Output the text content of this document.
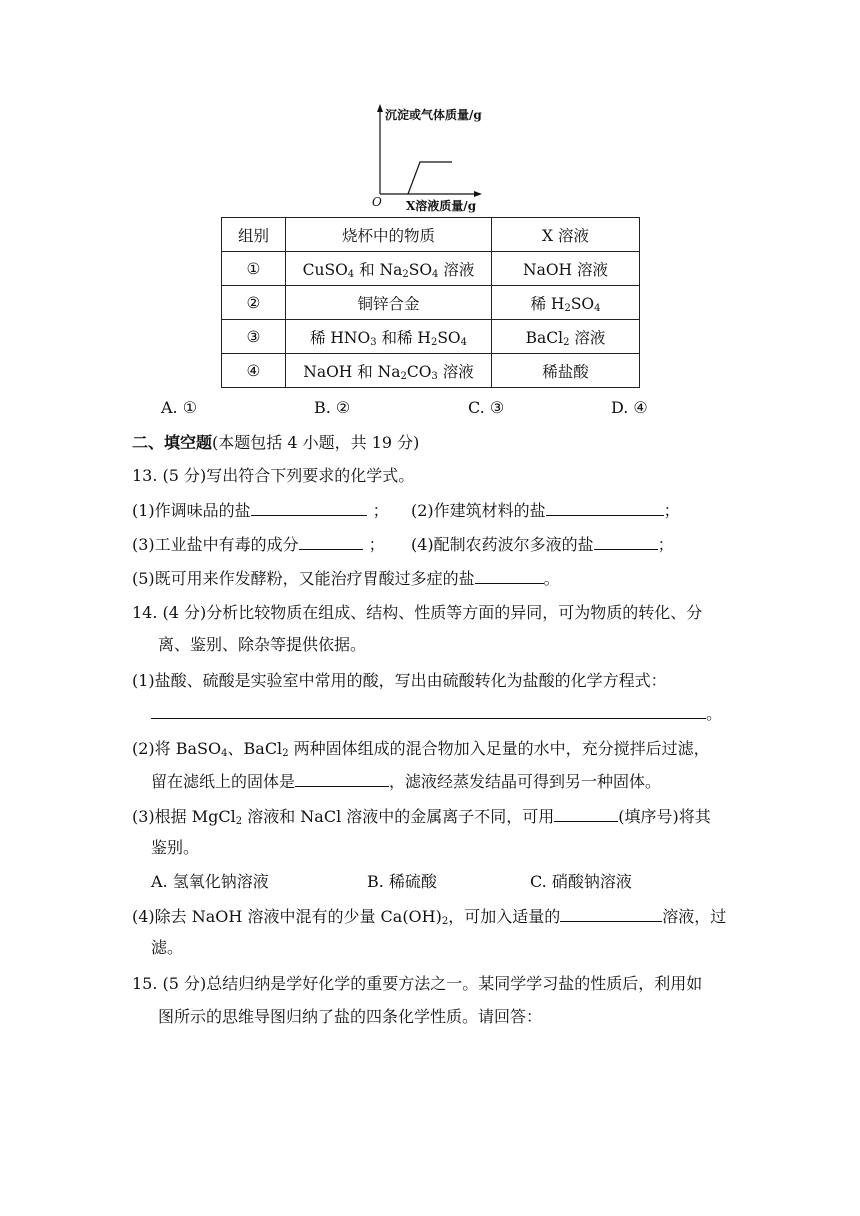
沉淀或气体质量/g
O X溶液质量/g
组别	烧杯中的物质	X 溶液
①	CuSO$_4$ 和 $Na_2SO_4$ 溶液	NaOH 溶液
②	铜锌合金	稀 $H_2SO_4$
③	稀 $HNO_3$ 和稀 $H_2SO_4$	BaCl$_2$ 溶液
④	NaOH 和 $Na_2CO_3$ 溶液	稀盐酸
A. ①	B. ②	C. ③	D. ④
二、填空题(本题包括 4 小题，共 19 分)
13. (5 分)写出符合下列要求的化学式。
(1)作调味品的盐	； (2)作建筑材料的盐	；
(3)工业盐中有毒的成分	； (4)配制农药波尔多液的盐	；
(5)既可用来作发酵粉，又能治疗胃酸过多症的盐	。
14. (4 分)分析比较物质在组成、结构、性质等方面的异同，可为物质的转化、分
离、鉴别、除杂等提供依据。
(1)盐酸、硫酸是实验室中常用的酸，写出由硫酸转化为盐酸的化学方程式：
。
(2)将 BaSO$_4$、BaCl$_2$ 两种固体组成的混合物加入足量的水中，充分搅拌后过滤，
留在滤纸上的固体是	，滤液经蒸发结晶可得到另一种固体。
(3)根据 MgCl$_2$ 溶液和 NaCl 溶液中的金属离子不同，可用	(填序号)将其
鉴别。
A. 氢氧化钠溶液	B. 稀硫酸	C. 硝酸钠溶液
(4)除去 NaOH 溶液中混有的少量 $Ca(OH)_2$，可加入适量的	溶液，过
滤。
15. (5 分)总结归纳是学好化学的重要方法之一。某同学学习盐的性质后，利用如
图所示的思维导图归纳了盐的四条化学性质。请回答：
